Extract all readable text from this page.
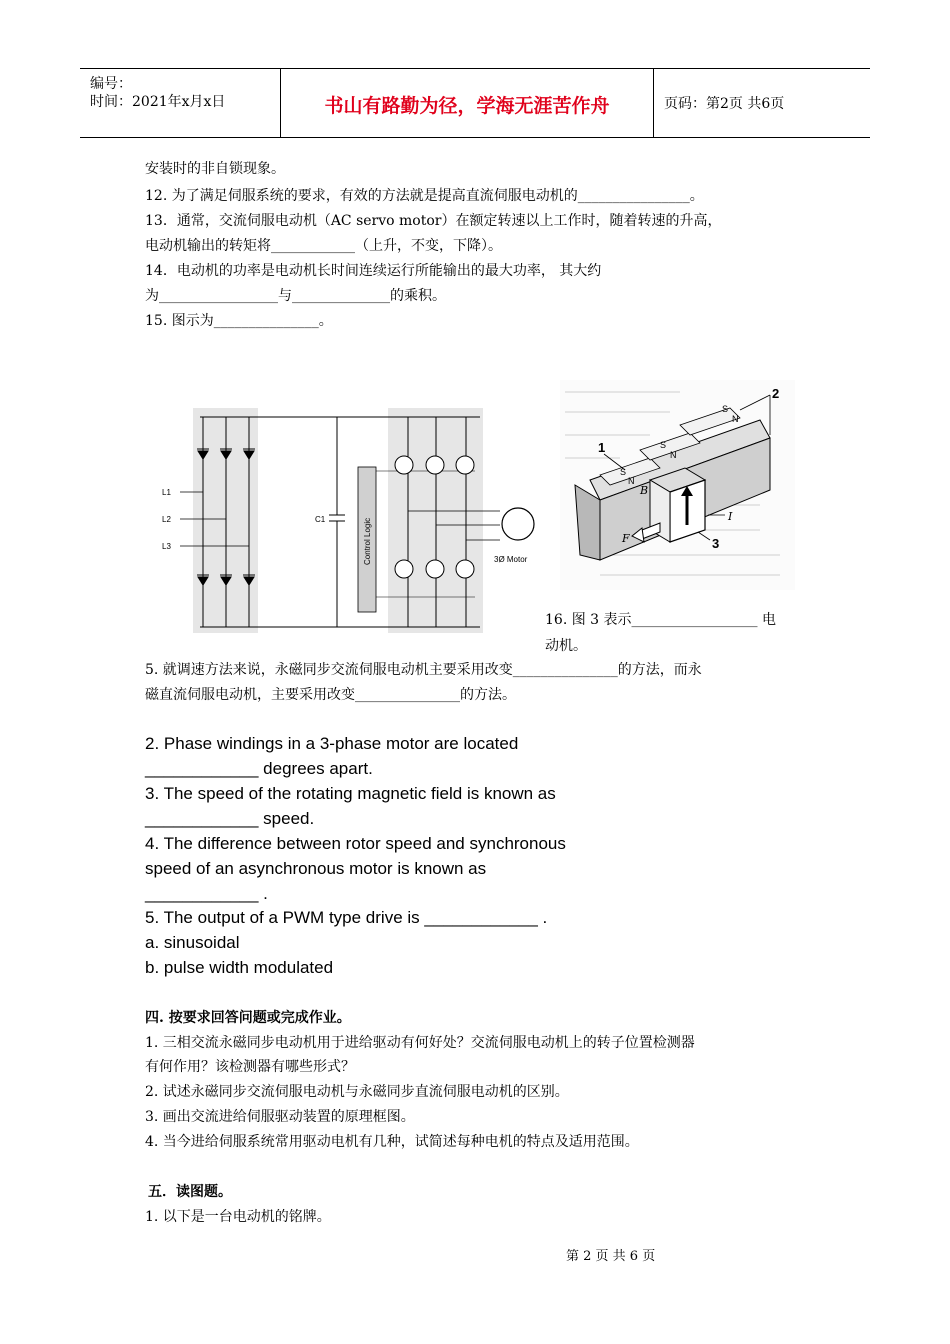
编号：
时间：2021年x月x日	书山有路勤为径，学海无涯苦作舟	页码：第2页 共6页
安装时的非自锁现象。
12. 为了满足伺服系统的要求，有效的方法就是提高直流伺服电动机的________________。
13．通常，交流伺服电动机（AC servo motor）在额定转速以上工作时，随着转速的升高，
电动机输出的转矩将____________（上升，不变，下降）。
14．电动机的功率是电动机长时间连续运行所能输出的最大功率， 其大约
为_________________与______________的乘积。
15. 图示为_______________。
L1
L2
L3
C1	Control Logic	3Ø Motor
S
N
S
N
S
N
1
2
3
B
I
F
16. 图 3 表示__________________ 电
动机。
5. 就调速方法来说，永磁同步交流伺服电动机主要采用改变_______________的方法，而永
磁直流伺服电动机，主要采用改变_______________的方法。
2. Phase windings in a 3-phase motor are located
____________ degrees apart.
3. The speed of the rotating magnetic field is known as
____________ speed.
4. The difference between rotor speed and synchronous
speed of an asynchronous motor is known as
____________ .
5. The output of a PWM type drive is ____________ .
a. sinusoidal
b. pulse width modulated
四. 按要求回答问题或完成作业。
1. 三相交流永磁同步电动机用于进给驱动有何好处？交流伺服电动机上的转子位置检测器
有何作用？该检测器有哪些形式？
2. 试述永磁同步交流伺服电动机与永磁同步直流伺服电动机的区别。
3. 画出交流进给伺服驱动装置的原理框图。
4. 当今进给伺服系统常用驱动电机有几种，试简述每种电机的特点及适用范围。
五．读图题。
1. 以下是一台电动机的铭牌。
第 2 页 共 6 页
